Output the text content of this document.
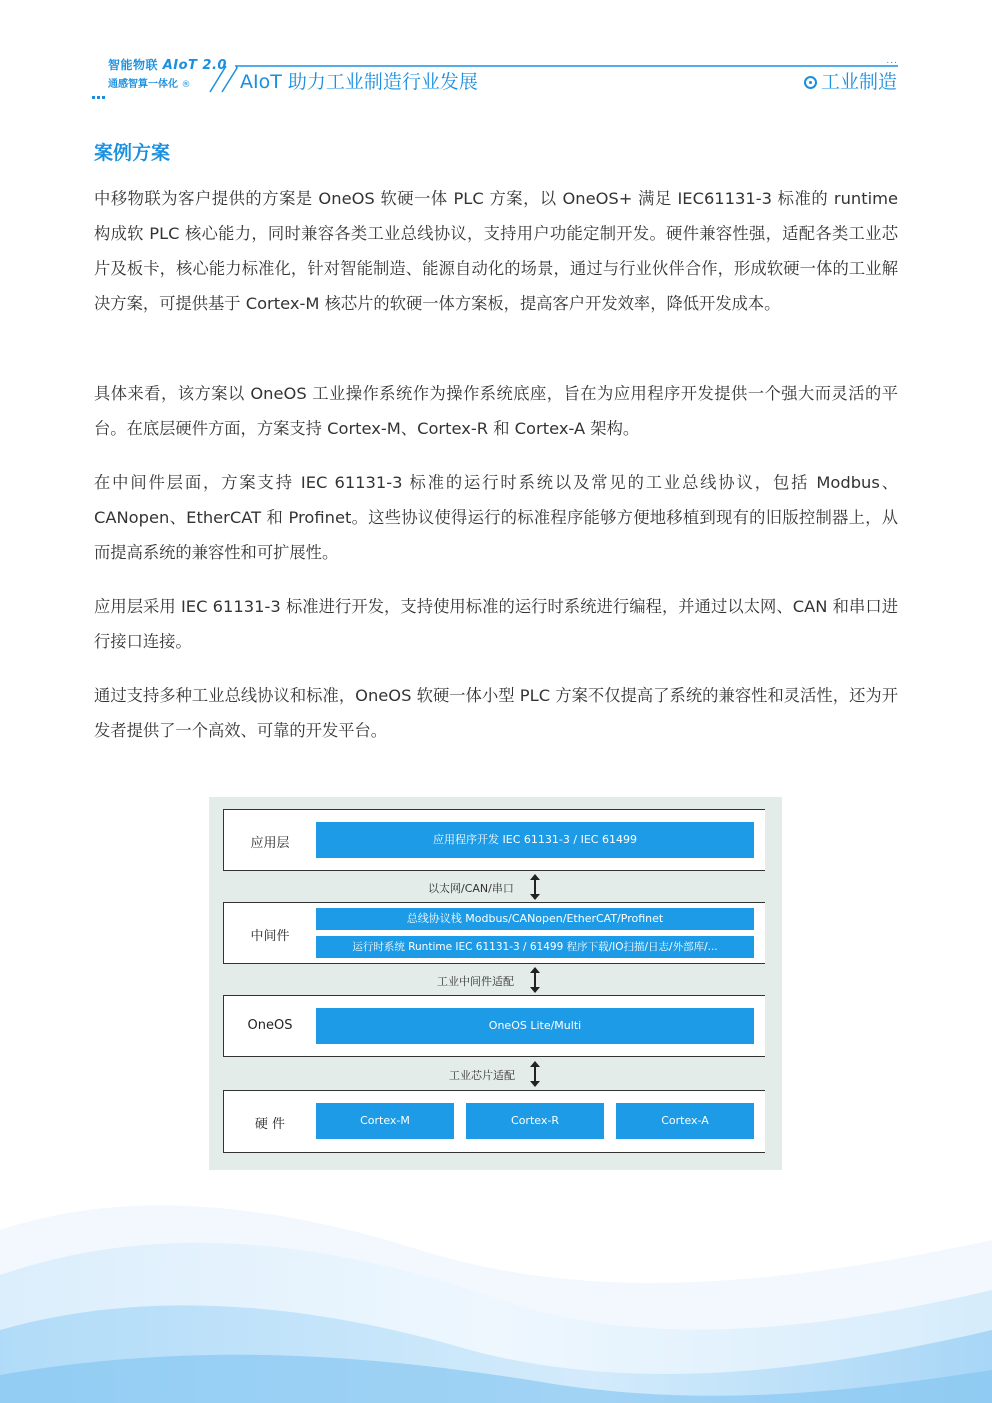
智能物联 AIoT 2.0
通感智算一体化 ®
...
AIoT 助力工业制造行业发展	工业制造
案例方案

中移物联为客户提供的方案是 OneOS 软硬一体 PLC 方案，以 OneOS+ 满足 IEC61131-3 标准的 runtime 构成软 PLC 核心能力，同时兼容各类工业总线协议，支持用户功能定制开发。硬件兼容性强，适配各类工业芯片及板卡，核心能力标准化，针对智能制造、能源自动化的场景，通过与行业伙伴合作，形成软硬一体的工业解决方案，可提供基于 Cortex-M 核芯片的软硬一体方案板，提高客户开发效率，降低开发成本。

具体来看，该方案以 OneOS 工业操作系统作为操作系统底座，旨在为应用程序开发提供一个强大而灵活的平台。在底层硬件方面，方案支持 Cortex-M、Cortex-R 和 Cortex-A 架构。

在中间件层面，方案支持 IEC 61131-3 标准的运行时系统以及常见的工业总线协议，包括 Modbus、CANopen、EtherCAT 和 Profinet。这些协议使得运行的标准程序能够方便地移植到现有的旧版控制器上，从而提高系统的兼容性和可扩展性。

应用层采用 IEC 61131-3 标准进行开发，支持使用标准的运行时系统进行编程，并通过以太网、CAN 和串口进行接口连接。

通过支持多种工业总线协议和标准，OneOS 软硬一体小型 PLC 方案不仅提高了系统的兼容性和灵活性，还为开发者提供了一个高效、可靠的开发平台。

应用层	应用程序开发 IEC 61131-3 / IEC 61499
以太网/CAN/串口
中间件
总线协议栈 Modbus/CANopen/EtherCAT/Profinet
运行时系统 Runtime IEC 61131-3 / 61499 程序下载/IO扫描/日志/外部库/...
工业中间件适配
OneOS	OneOS Lite/Multi
工业芯片适配
硬 件	Cortex-M	Cortex-R	Cortex-A
